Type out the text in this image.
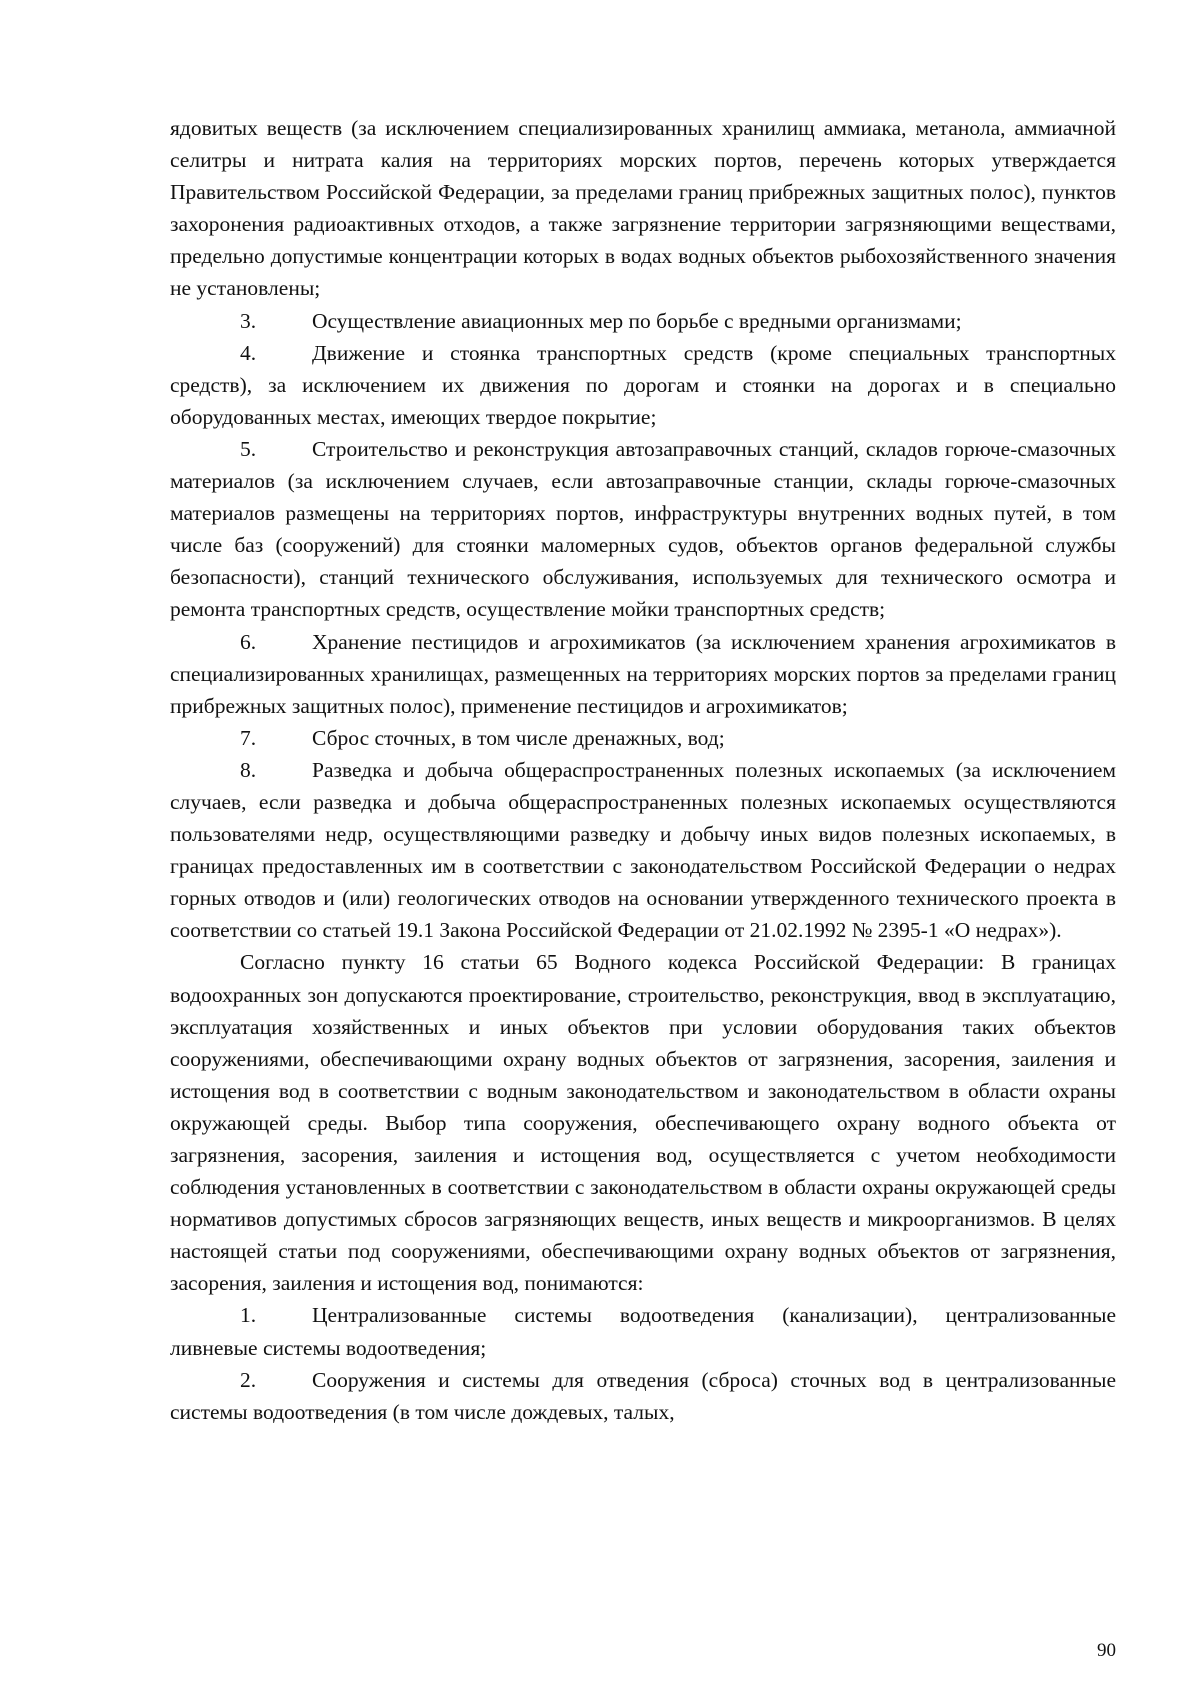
ядовитых веществ (за исключением специализированных хранилищ аммиака, метанола, аммиачной селитры и нитрата калия на территориях морских портов, перечень которых утверждается Правительством Российской Федерации, за пределами границ прибрежных защитных полос), пунктов захоронения радиоактивных отходов, а также загрязнение территории загрязняющими веществами, предельно допустимые концентрации которых в водах водных объектов рыбохозяйственного значения не установлены;

3.	Осуществление авиационных мер по борьбе с вредными организмами;

4.	Движение и стоянка транспортных средств (кроме специальных транспортных средств), за исключением их движения по дорогам и стоянки на дорогах и в специально оборудованных местах, имеющих твердое покрытие;

5.	Строительство и реконструкция автозаправочных станций, складов горюче-смазочных материалов (за исключением случаев, если автозаправочные станции, склады горюче-смазочных материалов размещены на территориях портов, инфраструктуры внутренних водных путей, в том числе баз (сооружений) для стоянки маломерных судов, объектов органов федеральной службы безопасности), станций технического обслуживания, используемых для технического осмотра и ремонта транспортных средств, осуществление мойки транспортных средств;

6.	Хранение пестицидов и агрохимикатов (за исключением хранения агрохимикатов в специализированных хранилищах, размещенных на территориях морских портов за пределами границ прибрежных защитных полос), применение пестицидов и агрохимикатов;

7.	Сброс сточных, в том числе дренажных, вод;

8.	Разведка и добыча общераспространенных полезных ископаемых (за исключением случаев, если разведка и добыча общераспространенных полезных ископаемых осуществляются пользователями недр, осуществляющими разведку и добычу иных видов полезных ископаемых, в границах предоставленных им в соответствии с законодательством Российской Федерации о недрах горных отводов и (или) геологических отводов на основании утвержденного технического проекта в соответствии со статьей 19.1 Закона Российской Федерации от 21.02.1992 № 2395-1 «О недрах»).

Согласно пункту 16 статьи 65 Водного кодекса Российской Федерации: В границах водоохранных зон допускаются проектирование, строительство, реконструкция, ввод в эксплуатацию, эксплуатация хозяйственных и иных объектов при условии оборудования таких объектов сооружениями, обеспечивающими охрану водных объектов от загрязнения, засорения, заиления и истощения вод в соответствии с водным законодательством и законодательством в области охраны окружающей среды. Выбор типа сооружения, обеспечивающего охрану водного объекта от загрязнения, засорения, заиления и истощения вод, осуществляется с учетом необходимости соблюдения установленных в соответствии с законодательством в области охраны окружающей среды нормативов допустимых сбросов загрязняющих веществ, иных веществ и микроорганизмов. В целях настоящей статьи под сооружениями, обеспечивающими охрану водных объектов от загрязнения, засорения, заиления и истощения вод, понимаются:

1.	Централизованные системы водоотведения (канализации), централизованные ливневые системы водоотведения;

2.	Сооружения и системы для отведения (сброса) сточных вод в централизованные системы водоотведения (в том числе дождевых, талых,

90
